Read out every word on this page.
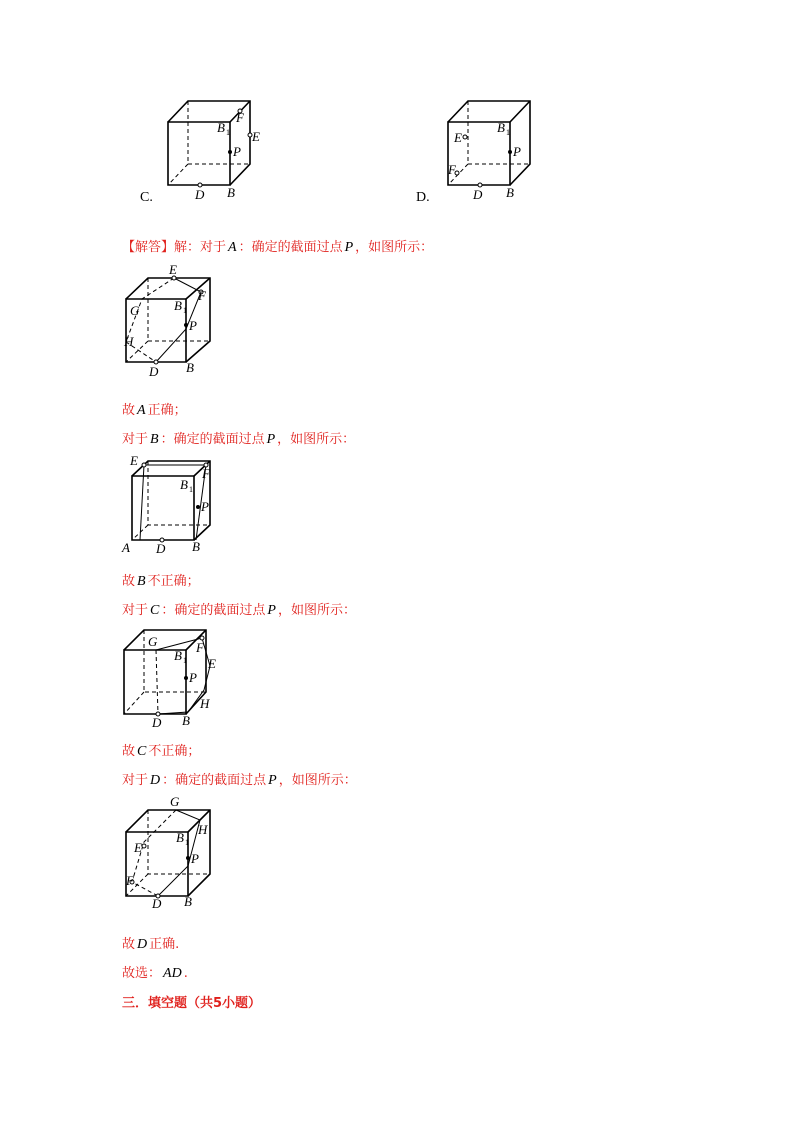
F
E
B 1
P
D B
C.
E
F
B 1
P
D B
D.
【解答】解：对于 A ：确定的截面过点 P ，如图所示：
E
F
G
H
B 1
P
D B
故 A 正确；
对于 B ：确定的截面过点 P ，如图所示：
E
F
B 1
P
A D B
故 B 不正确；
对于 C ：确定的截面过点 P ，如图所示：
G	F
E
B 1
P
H
D B
故 C 不正确；
对于 D ：确定的截面过点 P ，如图所示：
G
H
E
F
B 1
P
D B
故 D 正确.
故选： AD .
三．填空题（共5小题）
